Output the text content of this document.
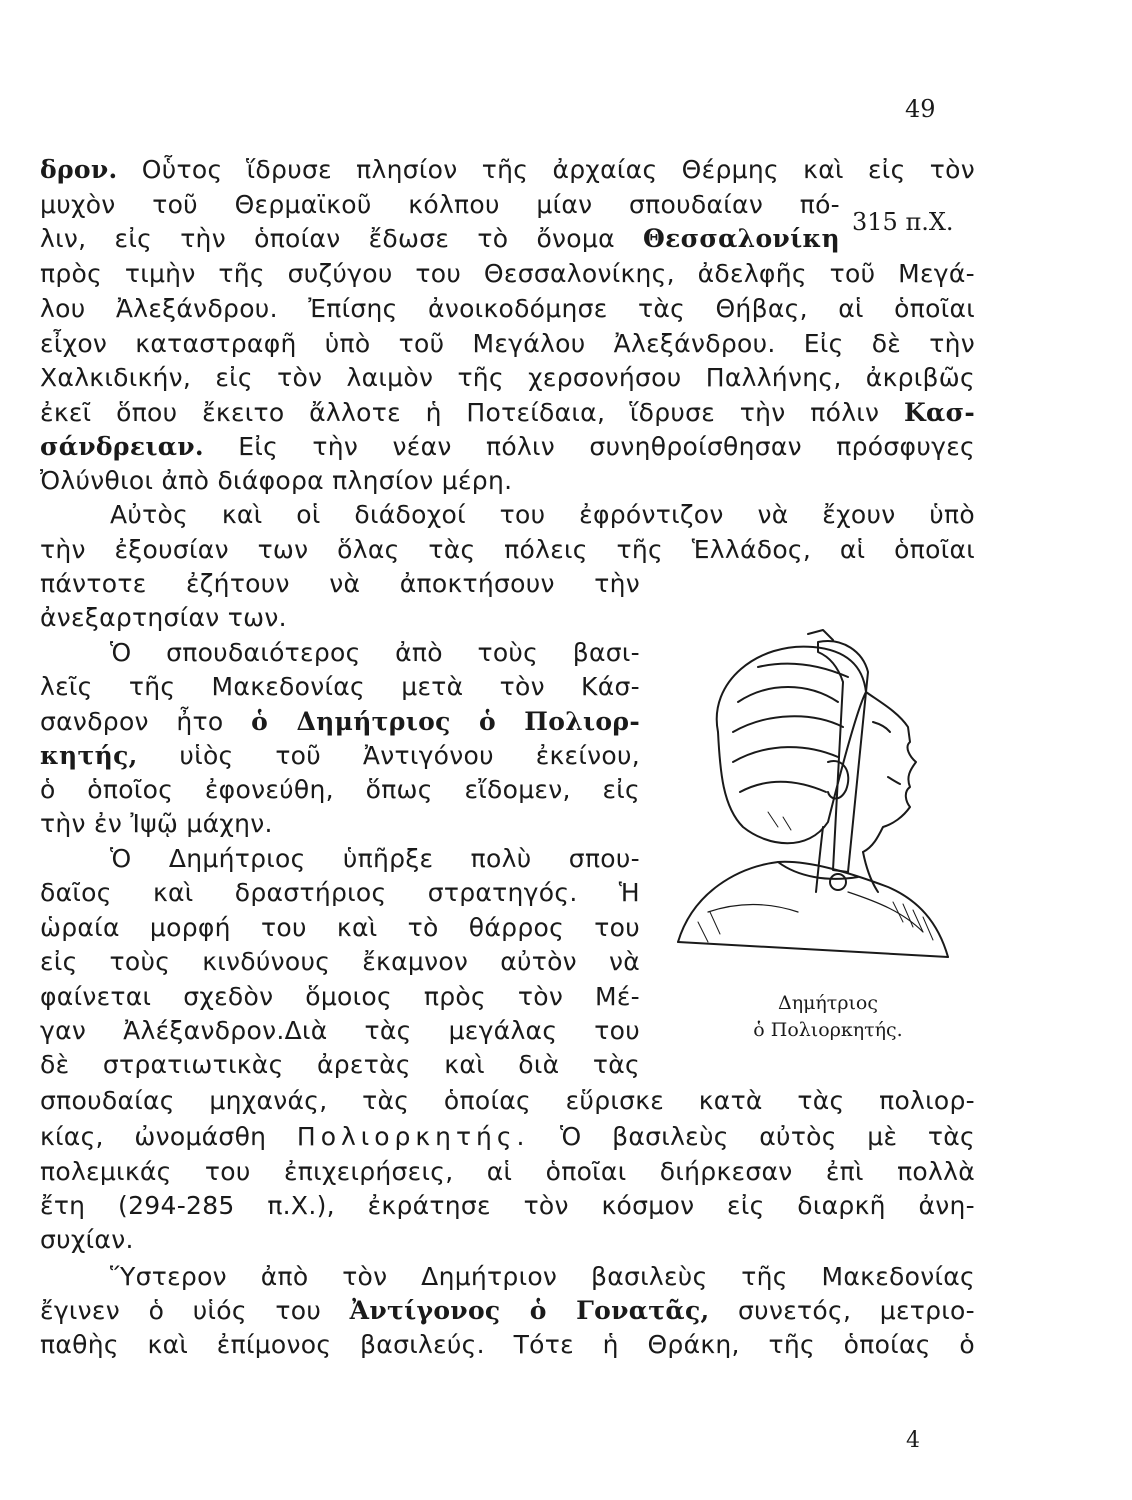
49
315 π.Χ.
δρον. Οὗτος ἵδρυσε πλησίον τῆς ἀρχαίας Θέρμης καὶ εἰς τὸν
μυχὸν τοῦ Θερμαϊκοῦ κόλπου μίαν σπουδαίαν πό-
λιν, εἰς τὴν ὁποίαν ἔδωσε τὸ ὄνομα Θεσσαλονίκη
πρὸς τιμὴν τῆς συζύγου του Θεσσαλονίκης, ἀδελφῆς τοῦ Μεγά-
λου Ἀλεξάνδρου. Ἐπίσης ἀνοικοδόμησε τὰς Θήβας, αἱ ὁποῖαι
εἶχον καταστραφῆ ὑπὸ τοῦ Μεγάλου Ἀλεξάνδρου. Εἰς δὲ τὴν
Χαλκιδικήν, εἰς τὸν λαιμὸν τῆς χερσονήσου Παλλήνης, ἀκριβῶς
ἐκεῖ ὅπου ἔκειτο ἄλλοτε ἡ Ποτείδαια, ἵδρυσε τὴν πόλιν Κασ-
σάνδρειαν. Εἰς τὴν νέαν πόλιν συνηθροίσθησαν πρόσφυγες
Ὀλύνθιοι ἀπὸ διάφορα πλησίον μέρη.
Αὐτὸς καὶ οἱ διάδοχοί του ἐφρόντιζον νὰ ἔχουν ὑπὸ
τὴν ἐξουσίαν των ὅλας τὰς πόλεις τῆς Ἑλλάδος, αἱ ὁποῖαι
πάντοτε ἐζήτουν νὰ ἀποκτήσουν τὴν
ἀνεξαρτησίαν των.
Ὁ σπουδαιότερος ἀπὸ τοὺς βασι-
λεῖς τῆς Μακεδονίας μετὰ τὸν Κάσ-
σανδρον ἦτο ὁ Δημήτριος ὁ Πολιορ-
κητής, υἱὸς τοῦ Ἀντιγόνου ἐκείνου,
ὁ ὁποῖος ἐφονεύθη, ὅπως εἴδομεν, εἰς
τὴν ἐν Ἰψῷ μάχην.
Ὁ Δημήτριος ὑπῆρξε πολὺ σπου-
δαῖος καὶ δραστήριος στρατηγός. Ἡ
ὡραία μορφή του καὶ τὸ θάρρος του
εἰς τοὺς κινδύνους ἔκαμνον αὐτὸν νὰ
φαίνεται σχεδὸν ὅμοιος πρὸς τὸν Μέ-
γαν Ἀλέξανδρον.Διὰ τὰς μεγάλας του
δὲ στρατιωτικὰς ἀρετὰς καὶ διὰ τὰς
σπουδαίας μηχανάς, τὰς ὁποίας εὕρισκε κατὰ τὰς πολιορ-
κίας, ὠνομάσθη Πολιορκητής. Ὁ βασιλεὺς αὐτὸς μὲ τὰς
πολεμικάς του ἐπιχειρήσεις, αἱ ὁποῖαι διήρκεσαν ἐπὶ πολλὰ
ἔτη (294-285 π.Χ.), ἐκράτησε τὸν κόσμον εἰς διαρκῆ ἀνη-
συχίαν.
Ὕστερον ἀπὸ τὸν Δημήτριον βασιλεὺς τῆς Μακεδονίας
ἔγινεν ὁ υἱός του Ἀντίγονος ὁ Γονατᾶς, συνετός, μετριο-
παθὴς καὶ ἐπίμονος βασιλεύς. Τότε ἡ Θράκη, τῆς ὁποίας ὁ
Δημήτριος
ὁ Πολιορκητής.
4
